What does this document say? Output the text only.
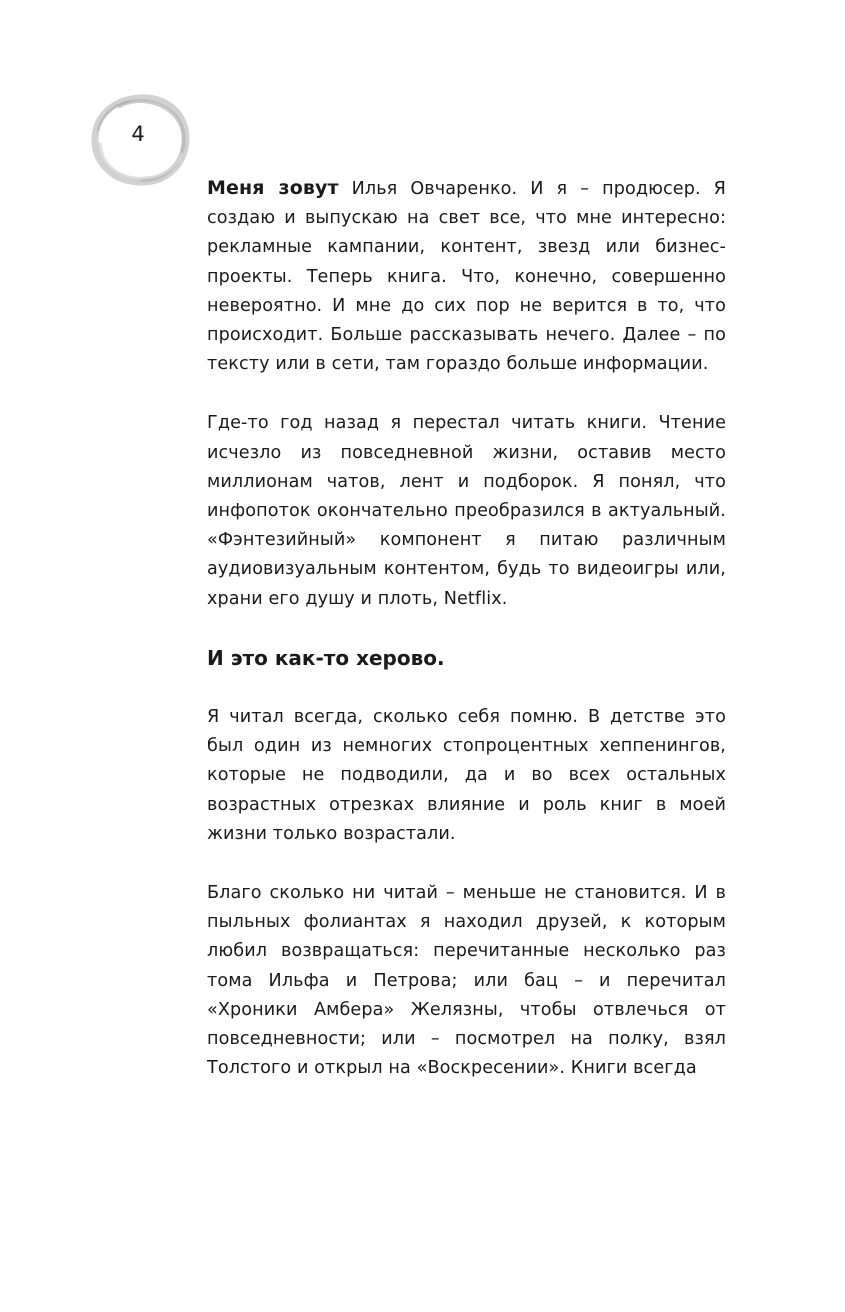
4

Меня зовут Илья Овчаренко. И я – продюсер. Я создаю и выпускаю на свет все, что мне интересно: рекламные кампании, контент, звезд или бизнес-проекты. Теперь книга. Что, конечно, совершенно невероятно. И мне до сих пор не верится в то, что происходит. Больше рассказывать нечего. Далее – по тексту или в сети, там гораздо больше информации.

Где-то год назад я перестал читать книги. Чтение исчезло из повседневной жизни, оставив место миллионам чатов, лент и подборок. Я понял, что инфопоток окончательно преобразился в актуальный. «Фэнтезийный» компонент я питаю различным аудиовизуальным контентом, будь то видеоигры или, храни его душу и плоть, Netflix.

И это как-то херово.

Я читал всегда, сколько себя помню. В детстве это был один из немногих стопроцентных хеппенингов, которые не подводили, да и во всех остальных возрастных отрезках влияние и роль книг в моей жизни только возрастали.

Благо сколько ни читай – меньше не становится. И в пыльных фолиантах я находил друзей, к которым любил возвращаться: перечитанные несколько раз тома Ильфа и Петрова; или бац – и перечитал «Хроники Амбера» Желязны, чтобы отвлечься от повседневности; или – посмотрел на полку, взял Толстого и открыл на «Воскресении». Книги всегда
